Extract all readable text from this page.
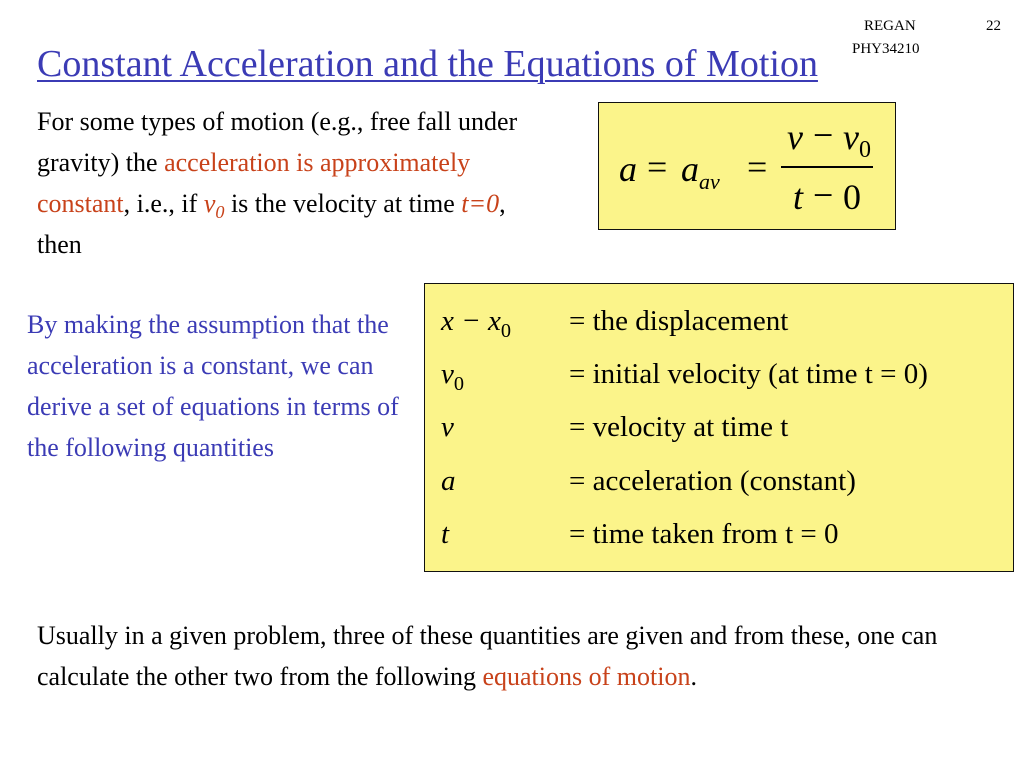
REGAN
PHY34210
22
Constant Acceleration and the Equations of Motion

For some types of motion (e.g., free fall under gravity) the acceleration is approximately constant, i.e., if $v_0$ is the velocity at time t=0, then

$a = a_{av}$ =
$v - v_0$
t − 0

By making the assumption that the acceleration is a constant, we can derive a set of equations in terms of the following quantities

$x - x_0$ = the displacement
$v_0$	= initial velocity (at time t = 0)
v	= velocity at time t
a	= acceleration (constant)
t	= time taken from t = 0

Usually in a given problem, three of these quantities are given and from these, one can calculate the other two from the following equations of motion.
